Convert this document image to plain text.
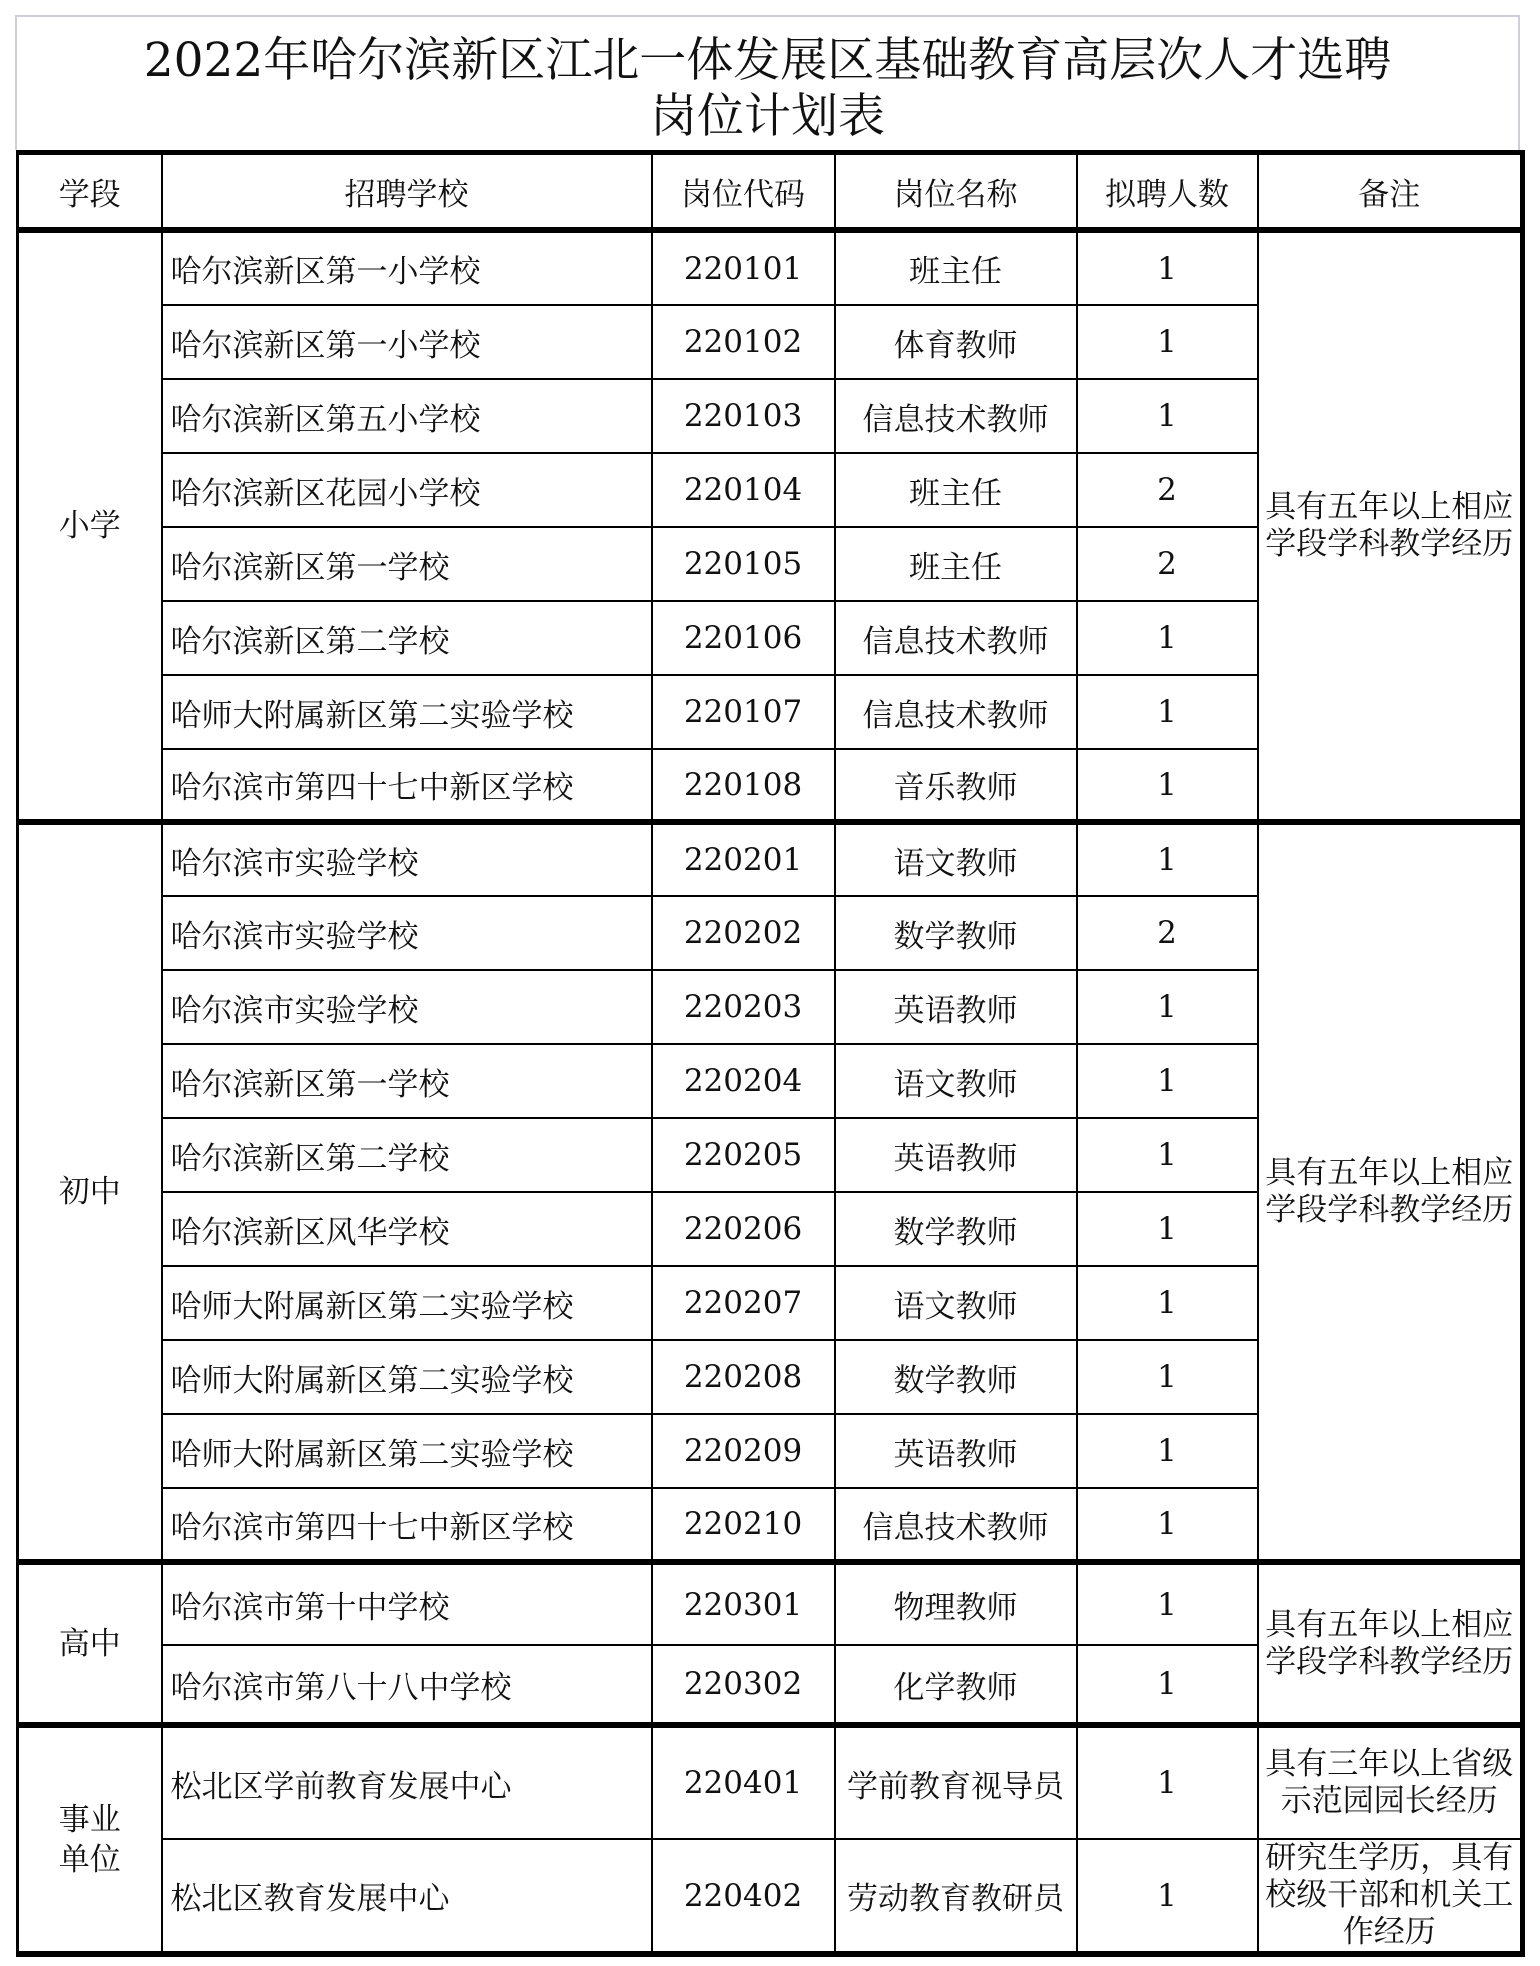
2022年哈尔滨新区江北一体发展区基础教育高层次人才选聘
岗位计划表
学段	招聘学校	岗位代码	岗位名称	拟聘人数	备注
小学	哈尔滨新区第一小学校	220101	班主任	1	具有五年以上相应学段学科教学经历
	哈尔滨新区第一小学校	220102	体育教师	1	
	哈尔滨新区第五小学校	220103	信息技术教师	1	
	哈尔滨新区花园小学校	220104	班主任	2	
	哈尔滨新区第一学校	220105	班主任	2	
	哈尔滨新区第二学校	220106	信息技术教师	1	
	哈师大附属新区第二实验学校	220107	信息技术教师	1	
	哈尔滨市第四十七中新区学校	220108	音乐教师	1	
初中	哈尔滨市实验学校	220201	语文教师	1	具有五年以上相应学段学科教学经历
	哈尔滨市实验学校	220202	数学教师	2	
	哈尔滨市实验学校	220203	英语教师	1	
	哈尔滨新区第一学校	220204	语文教师	1	
	哈尔滨新区第二学校	220205	英语教师	1	
	哈尔滨新区风华学校	220206	数学教师	1	
	哈师大附属新区第二实验学校	220207	语文教师	1	
	哈师大附属新区第二实验学校	220208	数学教师	1	
	哈师大附属新区第二实验学校	220209	英语教师	1	
	哈尔滨市第四十七中新区学校	220210	信息技术教师	1	
高中	哈尔滨市第十中学校	220301	物理教师	1	具有五年以上相应学段学科教学经历
	哈尔滨市第八十八中学校	220302	化学教师	1	
事业单位	松北区学前教育发展中心	220401	学前教育视导员	1	具有三年以上省级示范园园长经历
	松北区教育发展中心	220402	劳动教育教研员	1	研究生学历，具有校级干部和机关工作经历
